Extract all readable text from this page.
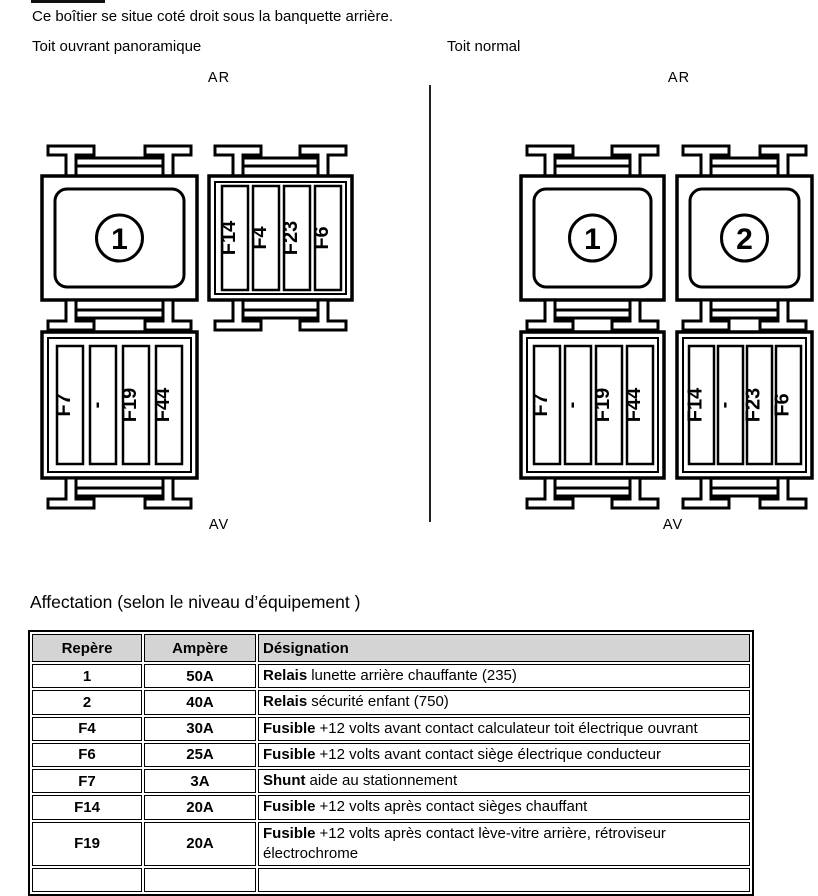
Ce boîtier se situe coté droit sous la banquette arrière.
Toit ouvrant panoramique	Toit normal
AR	AR
AV	AV
1
F7 - F19 F44
F14 F4 F23 F6	1
F7 - F19 F44
2
F14 - F23 F6
Affectation (selon le niveau d’équipement )
Repère	Ampère	Désignation
1	50A	Relais lunette arrière chauffante (235)

2	40A	Relais sécurité enfant (750)

F4	30A	Fusible +12 volts avant contact calculateur toit électrique ouvrant

F6	25A	Fusible +12 volts avant contact siège électrique conducteur

F7	3A	Shunt aide au stationnement

F14	20A	Fusible +12 volts après contact sièges chauffant

F19	20A	Fusible +12 volts après contact lève-vitre arrière, rétroviseur électrochrome
